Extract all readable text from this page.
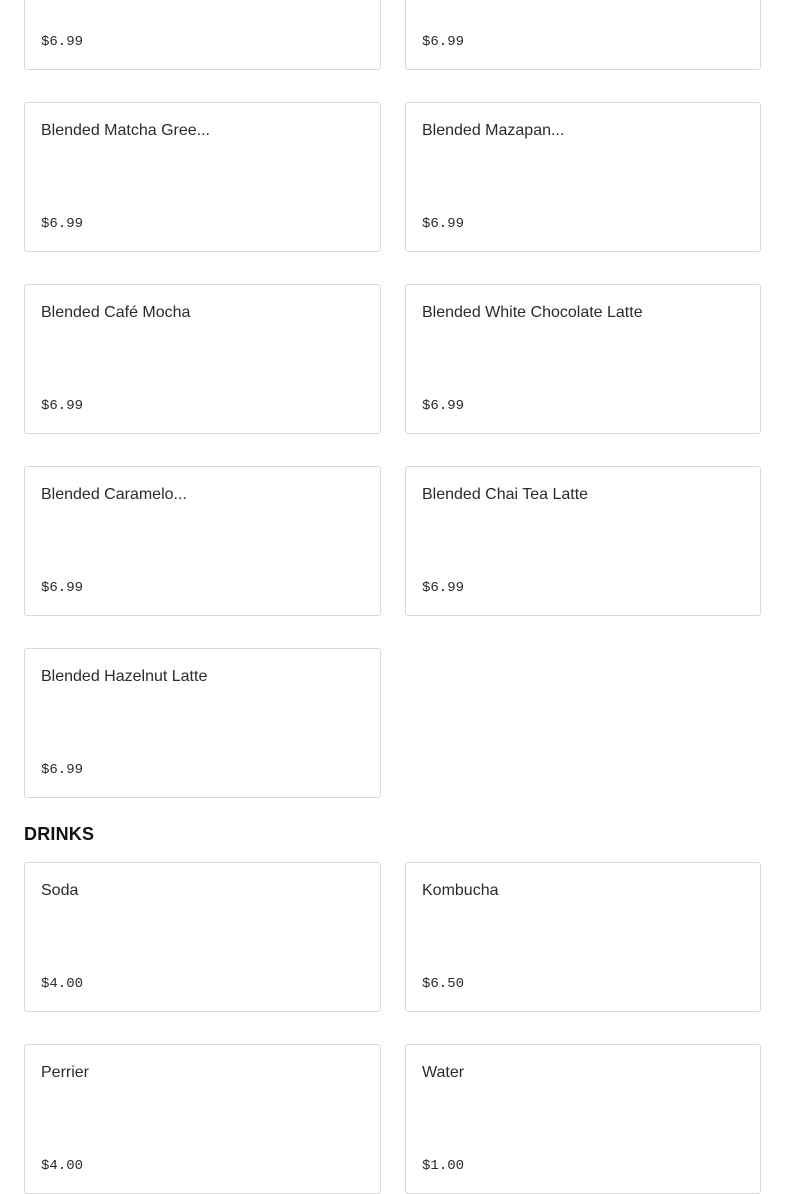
$6.99	$6.99
Blended Matcha Gree...
$6.99
Blended Mazapan...
$6.99
Blended Café Mocha
$6.99
Blended White Chocolate Latte
$6.99
Blended Caramelo...
$6.99
Blended Chai Tea Latte
$6.99
Blended Hazelnut Latte
$6.99
DRINKS
Soda
$4.00
Kombucha
$6.50
Perrier
$4.00
Water
$1.00
